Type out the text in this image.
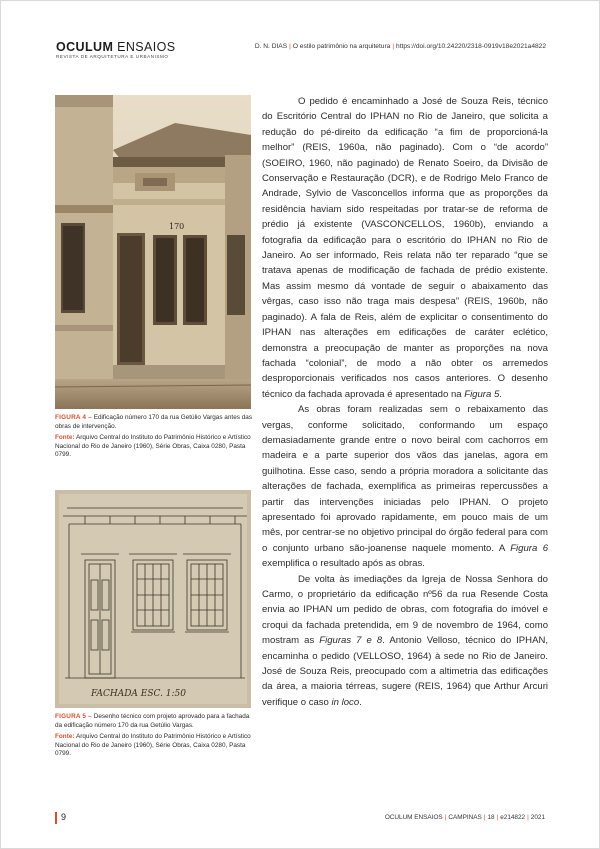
OCULUM ENSAIOS
REVISTA DE ARQUITETURA E URBANISMO
D. N. DIAS | O estilo patrimônio na arquitetura | https://doi.org/10.24220/2318-0919v18e2021a4822
170

FIGURA 4 – Edificação número 170 da rua Getúlio Vargas antes das obras de intervenção.

Fonte: Arquivo Central do Instituto do Patrimônio Histórico e Artístico Nacional do Rio de Janeiro (1960), Série Obras, Caixa 0280, Pasta 0799.

FACHADA ESC. 1:50

FIGURA 5 – Desenho técnico com projeto aprovado para a fachada da edificação número 170 da rua Getúlio Vargas.

Fonte: Arquivo Central do Instituto do Patrimônio Histórico e Artístico Nacional do Rio de Janeiro (1960), Série Obras, Caixa 0280, Pasta 0799.

O pedido é encaminhado a José de Souza Reis, técnico do Escritório Central do IPHAN no Rio de Janeiro, que solicita a redução do pé-direito da edificação “a fim de proporcioná-la melhor” (REIS, 1960a, não paginado). Com o “de acordo” (SOEIRO, 1960, não paginado) de Renato Soeiro, da Divisão de Conservação e Restauração (DCR), e de Rodrigo Melo Franco de Andrade, Sylvio de Vasconcellos informa que as proporções da residência haviam sido respeitadas por tratar-se de reforma de prédio já existente (VASCONCELLOS, 1960b), enviando a fotografia da edificação para o escritório do IPHAN no Rio de Janeiro. Ao ser informado, Reis relata não ter reparado “que se tratava apenas de modificação de fachada de prédio existente. Mas assim mesmo dá vontade de seguir o abaixamento das vêrgas, caso isso não traga mais despesa” (REIS, 1960b, não paginado). A fala de Reis, além de explicitar o consentimento do IPHAN nas alterações em edificações de caráter eclético, demonstra a preocupação de manter as proporções na nova fachada “colonial”, de modo a não obter os arremedos desproporcionais verificados nos casos anteriores. O desenho técnico da fachada aprovada é apresentado na Figura 5.

As obras foram realizadas sem o rebaixamento das vergas, conforme solicitado, conformando um espaço demasiadamente grande entre o novo beiral com cachorros em madeira e a parte superior dos vãos das janelas, agora em guilhotina. Esse caso, sendo a própria moradora a solicitante das alterações de fachada, exemplifica as primeiras repercussões a partir das intervenções iniciadas pelo IPHAN. O projeto apresentado foi aprovado rapidamente, em pouco mais de um mês, por centrar-se no objetivo principal do órgão federal para com o conjunto urbano são-joanense naquele momento. A Figura 6 exemplifica o resultado após as obras.

De volta às imediações da Igreja de Nossa Senhora do Carmo, o proprietário da edificação nº56 da rua Resende Costa envia ao IPHAN um pedido de obras, com fotografia do imóvel e croqui da fachada pretendida, em 9 de novembro de 1964, como mostram as Figuras 7 e 8. Antonio Velloso, técnico do IPHAN, encaminha o pedido (VELLOSO, 1964) à sede no Rio de Janeiro. José de Souza Reis, preocupado com a altimetria das edificações da área, a maioria térreas, sugere (REIS, 1964) que Arthur Arcuri verifique o caso in loco.

9	OCULUM ENSAIOS | CAMPINAS | 18 | e214822 | 2021
